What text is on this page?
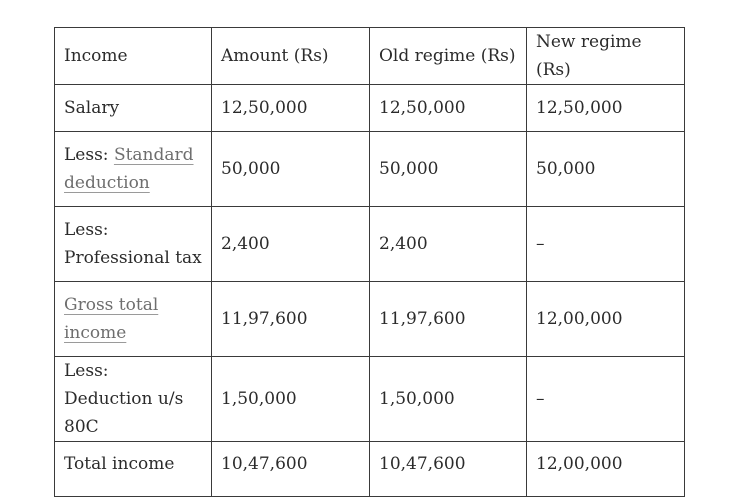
Income	Amount (Rs)	Old regime (Rs)	New regime (Rs)
Salary	12,50,000	12,50,000	12,50,000
Less: Standard deduction	50,000	50,000	50,000
Less: Professional tax	2,400	2,400	–
Gross total income	11,97,600	11,97,600	12,00,000
Less: Deduction u/s 80C	1,50,000	1,50,000	–
Total income	10,47,600	10,47,600	12,00,000
